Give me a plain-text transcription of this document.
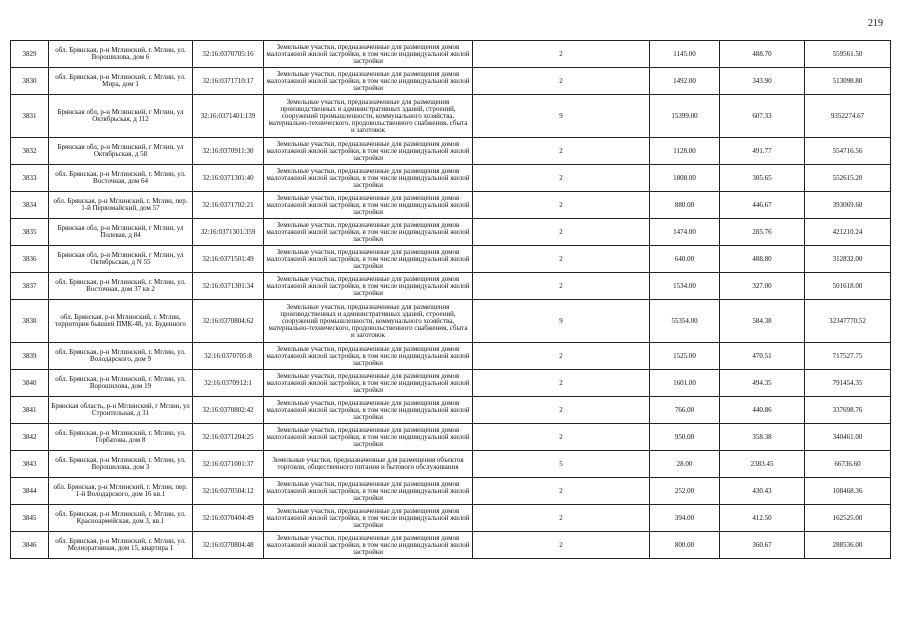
219
3829	обл. Брянская, р-н Мглинский, г. Мглин, ул. Ворошилова, дом 6	32:16:0370705:16	Земельные участки, предназначенные для размещения домов малоэтажной жилой застройки, в том числе индивидуальной жилой застройки	2	1145.00	488.70	559561.50
3830	обл. Брянская, р-н Мглинский, г. Мглин, ул. Мира, дом 1	32:16:0371710:17	Земельные участки, предназначенные для размещения домов малоэтажной жилой застройки, в том числе индивидуальной жилой застройки	2	1492.00	343.90	513098.80
3831	Брянская обл, р-н Мглинский, г Мглин, ул Октябрьская, д 112	32:16:0371401:139	Земельные участки, предназначенные для размещения производственных и административных зданий, строений, сооружений промышленности, коммунального хозяйства, материально-технического, продовольственного снабжения, сбыта и заготовок	9	15399.00	607.33	9352274.67
3832	Брянская обл, р-н Мглинский, г Мглин, ул Октябрьская, д 58	32:16:0370911:30	Земельные участки, предназначенные для размещения домов малоэтажной жилой застройки, в том числе индивидуальной жилой застройки	2	1128.00	491.77	554716.56
3833	обл. Брянская, р-н Мглинский, г. Мглин, ул. Восточная, дом 64	32:16:0371301:40	Земельные участки, предназначенные для размещения домов малоэтажной жилой застройки, в том числе индивидуальной жилой застройки	2	1808.00	305.65	552615.20
3834	обл. Брянская, р-н Мглинский, г. Мглин, пер. 1-й Первомайский, дом 57	32:16:0371702:21	Земельные участки, предназначенные для размещения домов малоэтажной жилой застройки, в том числе индивидуальной жилой застройки	2	880.00	446.67	393069.60
3835	Брянская обл, р-н Мглинский, г Мглин, ул Полевая, д 84	32:16:0371301:359	Земельные участки, предназначенные для размещения домов малоэтажной жилой застройки, в том числе индивидуальной жилой застройки	2	1474.00	285.76	421210.24
3836	Брянская обл, р-н Мглинский, г Мглин, ул Октябрьская, д N 55	32:16:0371501:49	Земельные участки, предназначенные для размещения домов малоэтажной жилой застройки, в том числе индивидуальной жилой застройки	2	640.00	488.80	312832.00
3837	обл. Брянская, р-н Мглинский, г. Мглин, ул. Восточная, дом 37 кв 2	32:16:0371301:34	Земельные участки, предназначенные для размещения домов малоэтажной жилой застройки, в том числе индивидуальной жилой застройки	2	1534.00	327.00	501618.00
3838	обл. Брянская, р-н Мглинский, г. Мглин, территория бывшей ПМК-48, ул. Буденного	32:16:0370804:62	Земельные участки, предназначенные для размещения производственных и административных зданий, строений, сооружений промышленности, коммунального хозяйства, материально-технического, продовольственного снабжения, сбыта и заготовок	9	55354.00	584.38	32347770.52
3839	обл. Брянская, р-н Мглинский, г. Мглин, ул. Володарского, дом 9	32:16:0370705:8	Земельные участки, предназначенные для размещения домов малоэтажной жилой застройки, в том числе индивидуальной жилой застройки	2	1525.00	470.51	717527.75
3840	обл. Брянская, р-н Мглинский, г. Мглин, ул. Ворошилова, дом 19	32:16:0370912:1	Земельные участки, предназначенные для размещения домов малоэтажной жилой застройки, в том числе индивидуальной жилой застройки	2	1601.00	494.35	791454.35
3841	Брянская область, р-н Мглинский, г Мглин, ул Строительная, д 31	32:16:0370802:42	Земельные участки, предназначенные для размещения домов малоэтажной жилой застройки, в том числе индивидуальной жилой застройки	2	766.00	440.86	337698.76
3842	обл. Брянская, р-н Мглинский, г. Мглин, ул. Горбатова, дом 8	32:16:0371204:25	Земельные участки, предназначенные для размещения домов малоэтажной жилой застройки, в том числе индивидуальной жилой застройки	2	950.00	358.38	340461.00
3843	обл. Брянская, р-н Мглинский, г. Мглин, ул. Ворошилова, дом 3	32:16:0371001:37	Земельные участки, предназначенные для размещения объектов торговли, общественного питания и бытового обслуживания	5	28.00	2383.45	66736.60
3844	обл. Брянская, р-н Мглинский, г. Мглин, пер. 1-й Володарского, дом 16 кв.1	32:16:0370504:12	Земельные участки, предназначенные для размещения домов малоэтажной жилой застройки, в том числе индивидуальной жилой застройки	2	252.00	430.43	108468.36
3845	обл. Брянская, р-н Мглинский, г. Мглин, ул. Красноармейская, дом 3, кв.1	32:16:0370404:49	Земельные участки, предназначенные для размещения домов малоэтажной жилой застройки, в том числе индивидуальной жилой застройки	2	394.00	412.50	162525.00
3846	обл. Брянская, р-н Мглинский, г. Мглин, ул. Мелиоративная, дом 15, квартира 1	32:16:0370804:48	Земельные участки, предназначенные для размещения домов малоэтажной жилой застройки, в том числе индивидуальной жилой застройки	2	800.00	360.67	288536.00
